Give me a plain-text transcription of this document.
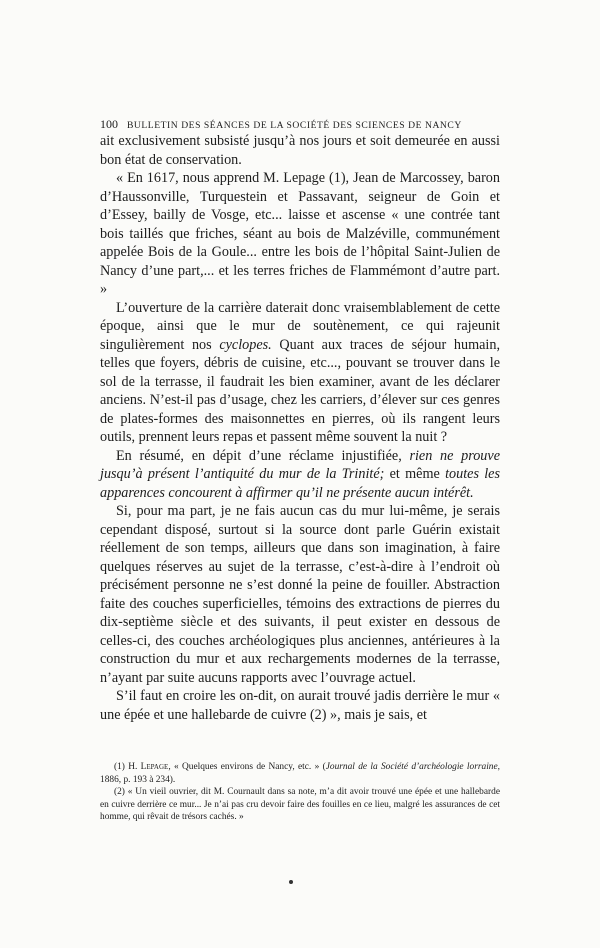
100 BULLETIN DES SÉANCES DE LA SOCIÉTÉ DES SCIENCES DE NANCY

ait exclusivement subsisté jusqu’à nos jours et soit demeurée en aussi bon état de conservation.

« En 1617, nous apprend M. Lepage (1), Jean de Marcossey, baron d’Haussonville, Turquestein et Passavant, seigneur de Goin et d’Essey, bailly de Vosge, etc... laisse et ascense « une contrée tant bois taillés que friches, séant au bois de Malzéville, communément appelée Bois de la Goule... entre les bois de l’hôpital Saint-Julien de Nancy d’une part,... et les terres friches de Flammémont d’autre part. »

L’ouverture de la carrière daterait donc vraisemblablement de cette époque, ainsi que le mur de soutènement, ce qui rajeunit singulièrement nos cyclopes. Quant aux traces de séjour humain, telles que foyers, débris de cuisine, etc..., pouvant se trouver dans le sol de la terrasse, il faudrait les bien examiner, avant de les déclarer anciens. N’est-il pas d’usage, chez les carriers, d’élever sur ces genres de plates-formes des maisonnettes en pierres, où ils rangent leurs outils, prennent leurs repas et passent même souvent la nuit ?

En résumé, en dépit d’une réclame injustifiée, rien ne prouve jusqu’à présent l’antiquité du mur de la Trinité; et même toutes les apparences concourent à affirmer qu’il ne présente aucun intérêt.

Si, pour ma part, je ne fais aucun cas du mur lui-même, je serais cependant disposé, surtout si la source dont parle Guérin existait réellement de son temps, ailleurs que dans son imagination, à faire quelques réserves au sujet de la terrasse, c’est-à-dire à l’endroit où précisément personne ne s’est donné la peine de fouiller. Abstraction faite des couches superficielles, témoins des extractions de pierres du dix-septième siècle et des suivants, il peut exister en dessous de celles-ci, des couches archéologiques plus anciennes, antérieures à la construction du mur et aux rechargements modernes de la terrasse, n’ayant par suite aucuns rapports avec l’ouvrage actuel.

S’il faut en croire les on-dit, on aurait trouvé jadis derrière le mur « une épée et une hallebarde de cuivre (2) », mais je sais, et

(1) H. Lepage, « Quelques environs de Nancy, etc. » (Journal de la Société d’archéologie lorraine, 1886, p. 193 à 234).

(2) « Un vieil ouvrier, dit M. Cournault dans sa note, m’a dit avoir trouvé une épée et une hallebarde en cuivre derrière ce mur... Je n’ai pas cru devoir faire des fouilles en ce lieu, malgré les assurances de cet homme, qui rêvait de trésors cachés. »
